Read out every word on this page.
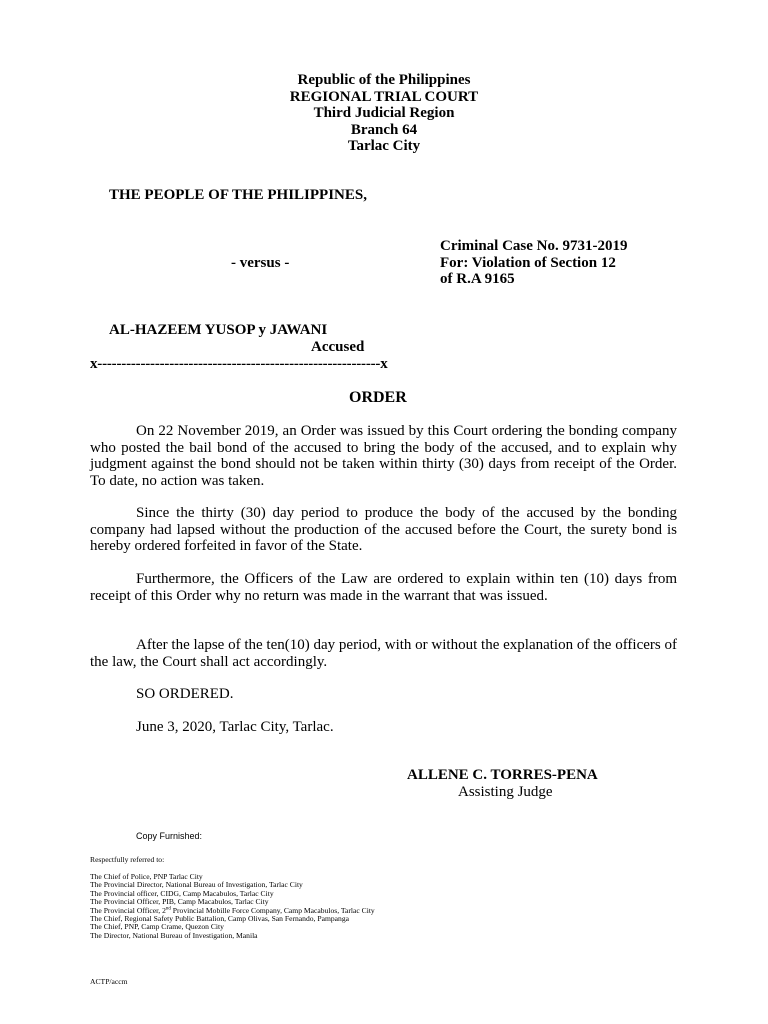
Republic of the Philippines
REGIONAL TRIAL COURT
Third Judicial Region
Branch 64
Tarlac City
THE PEOPLE OF THE PHILIPPINES,
- versus -
Criminal Case No. 9731-2019
For: Violation of Section 12
of R.A 9165
AL-HAZEEM YUSOP y JAWANI
Accused
x-----------------------------------------------------------x
ORDER
On 22 November 2019, an Order was issued by this Court ordering the bonding company who posted the bail bond of the accused to bring the body of the accused, and to explain why judgment against the bond should not be taken within thirty (30) days from receipt of the Order. To date, no action was taken.
Since the thirty (30) day period to produce the body of the accused by the bonding company had lapsed without the production of the accused before the Court, the surety bond is hereby ordered forfeited in favor of the State.
Furthermore, the Officers of the Law are ordered to explain within ten (10) days from receipt of this Order why no return was made in the warrant that was issued.
After the lapse of the ten(10) day period, with or without the explanation of the officers of the law, the Court shall act accordingly.
SO ORDERED.
June 3, 2020, Tarlac City, Tarlac.
ALLENE C. TORRES-PENA
Assisting Judge
Copy Furnished:
Respectfully referred to:
The Chief of Police, PNP Tarlac City
The Provincial Director, National Bureau of Investigation, Tarlac City
The Provincial officer, CIDG, Camp Macabulos, Tarlac City
The Provincial Officer, PIB, Camp Macabulos, Tarlac City
The Provincial Officer, 2nd Provincial Mobille Force Company, Camp Macabulos, Tarlac City
The Chief, Regional Safety Public Battalion, Camp Olivas, San Fernando, Pampanga
The Chief, PNP, Camp Crame, Quezon City
The Director, National Bureau of Investigation, Manila
ACTP/accm
